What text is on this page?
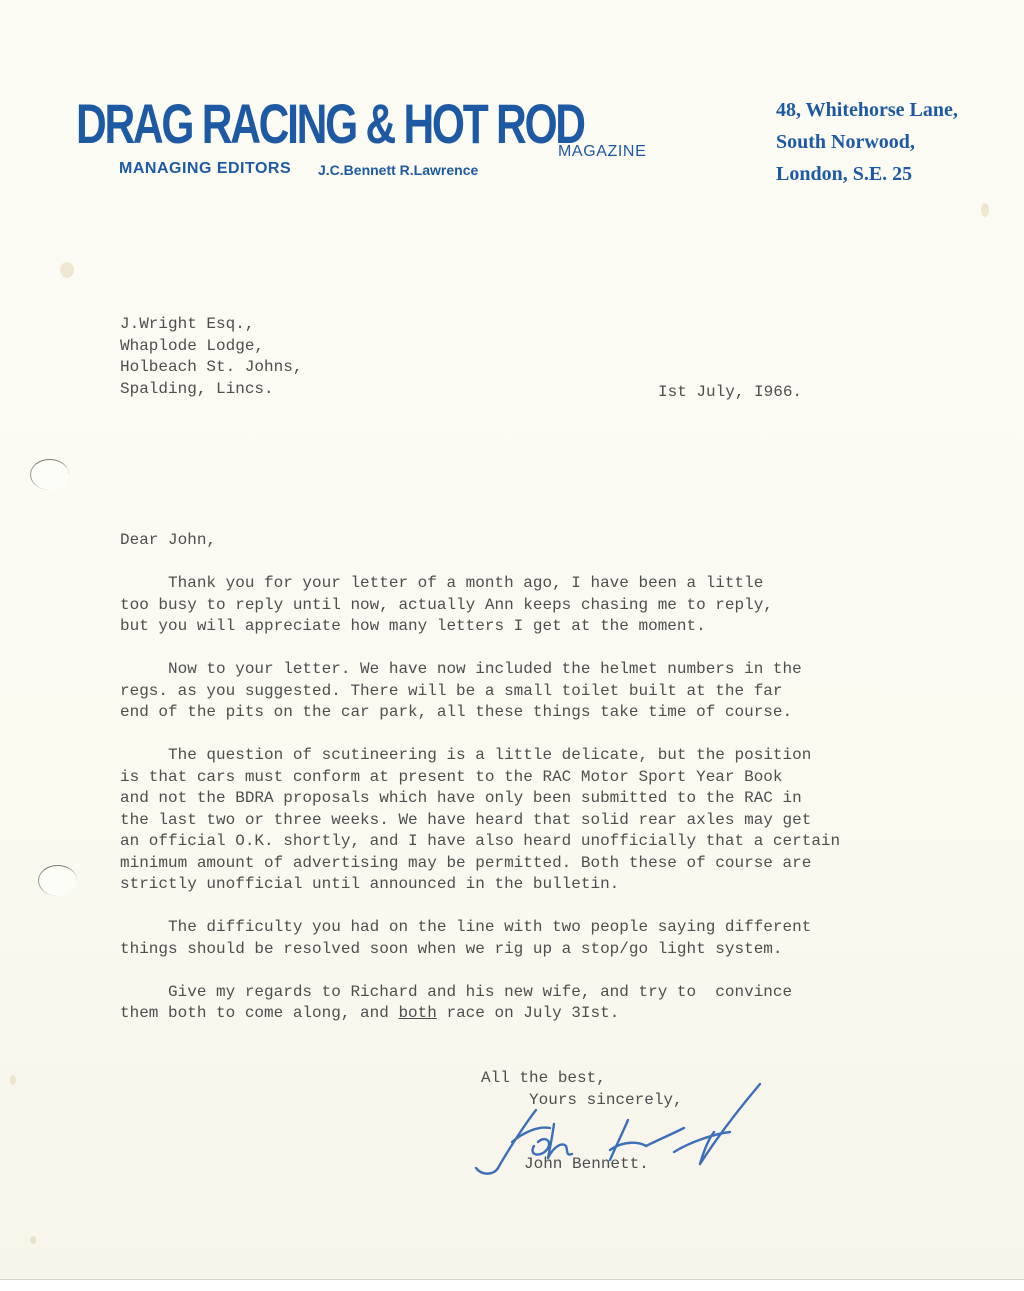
DRAG RACING & HOT ROD
MANAGING EDITORS J.C.Bennett R.Lawrence
MAGAZINE
48, Whitehorse Lane,
South Norwood,
London, S.E. 25
J.Wright Esq.,
Whaplode Lodge,
Holbeach St. Johns,
Spalding, Lincs.	Ist July, I966.
Dear John,
Thank you for your letter of a month ago, I have been a little
too busy to reply until now, actually Ann keeps chasing me to reply,
but you will appreciate how many letters I get at the moment.
Now to your letter. We have now included the helmet numbers in the
regs. as you suggested. There will be a small toilet built at the far
end of the pits on the car park, all these things take time of course.
The question of scutineering is a little delicate, but the position
is that cars must conform at present to the RAC Motor Sport Year Book
and not the BDRA proposals which have only been submitted to the RAC in
the last two or three weeks. We have heard that solid rear axles may get
an official O.K. shortly, and I have also heard unofficially that a certain
minimum amount of advertising may be permitted. Both these of course are
strictly unofficial until announced in the bulletin.
The difficulty you had on the line with two people saying different
things should be resolved soon when we rig up a stop/go light system.
Give my regards to Richard and his new wife, and try to  convince
them both to come along, and both race on July 3Ist.
All the best,
Yours sincerely,
John Bennett.
